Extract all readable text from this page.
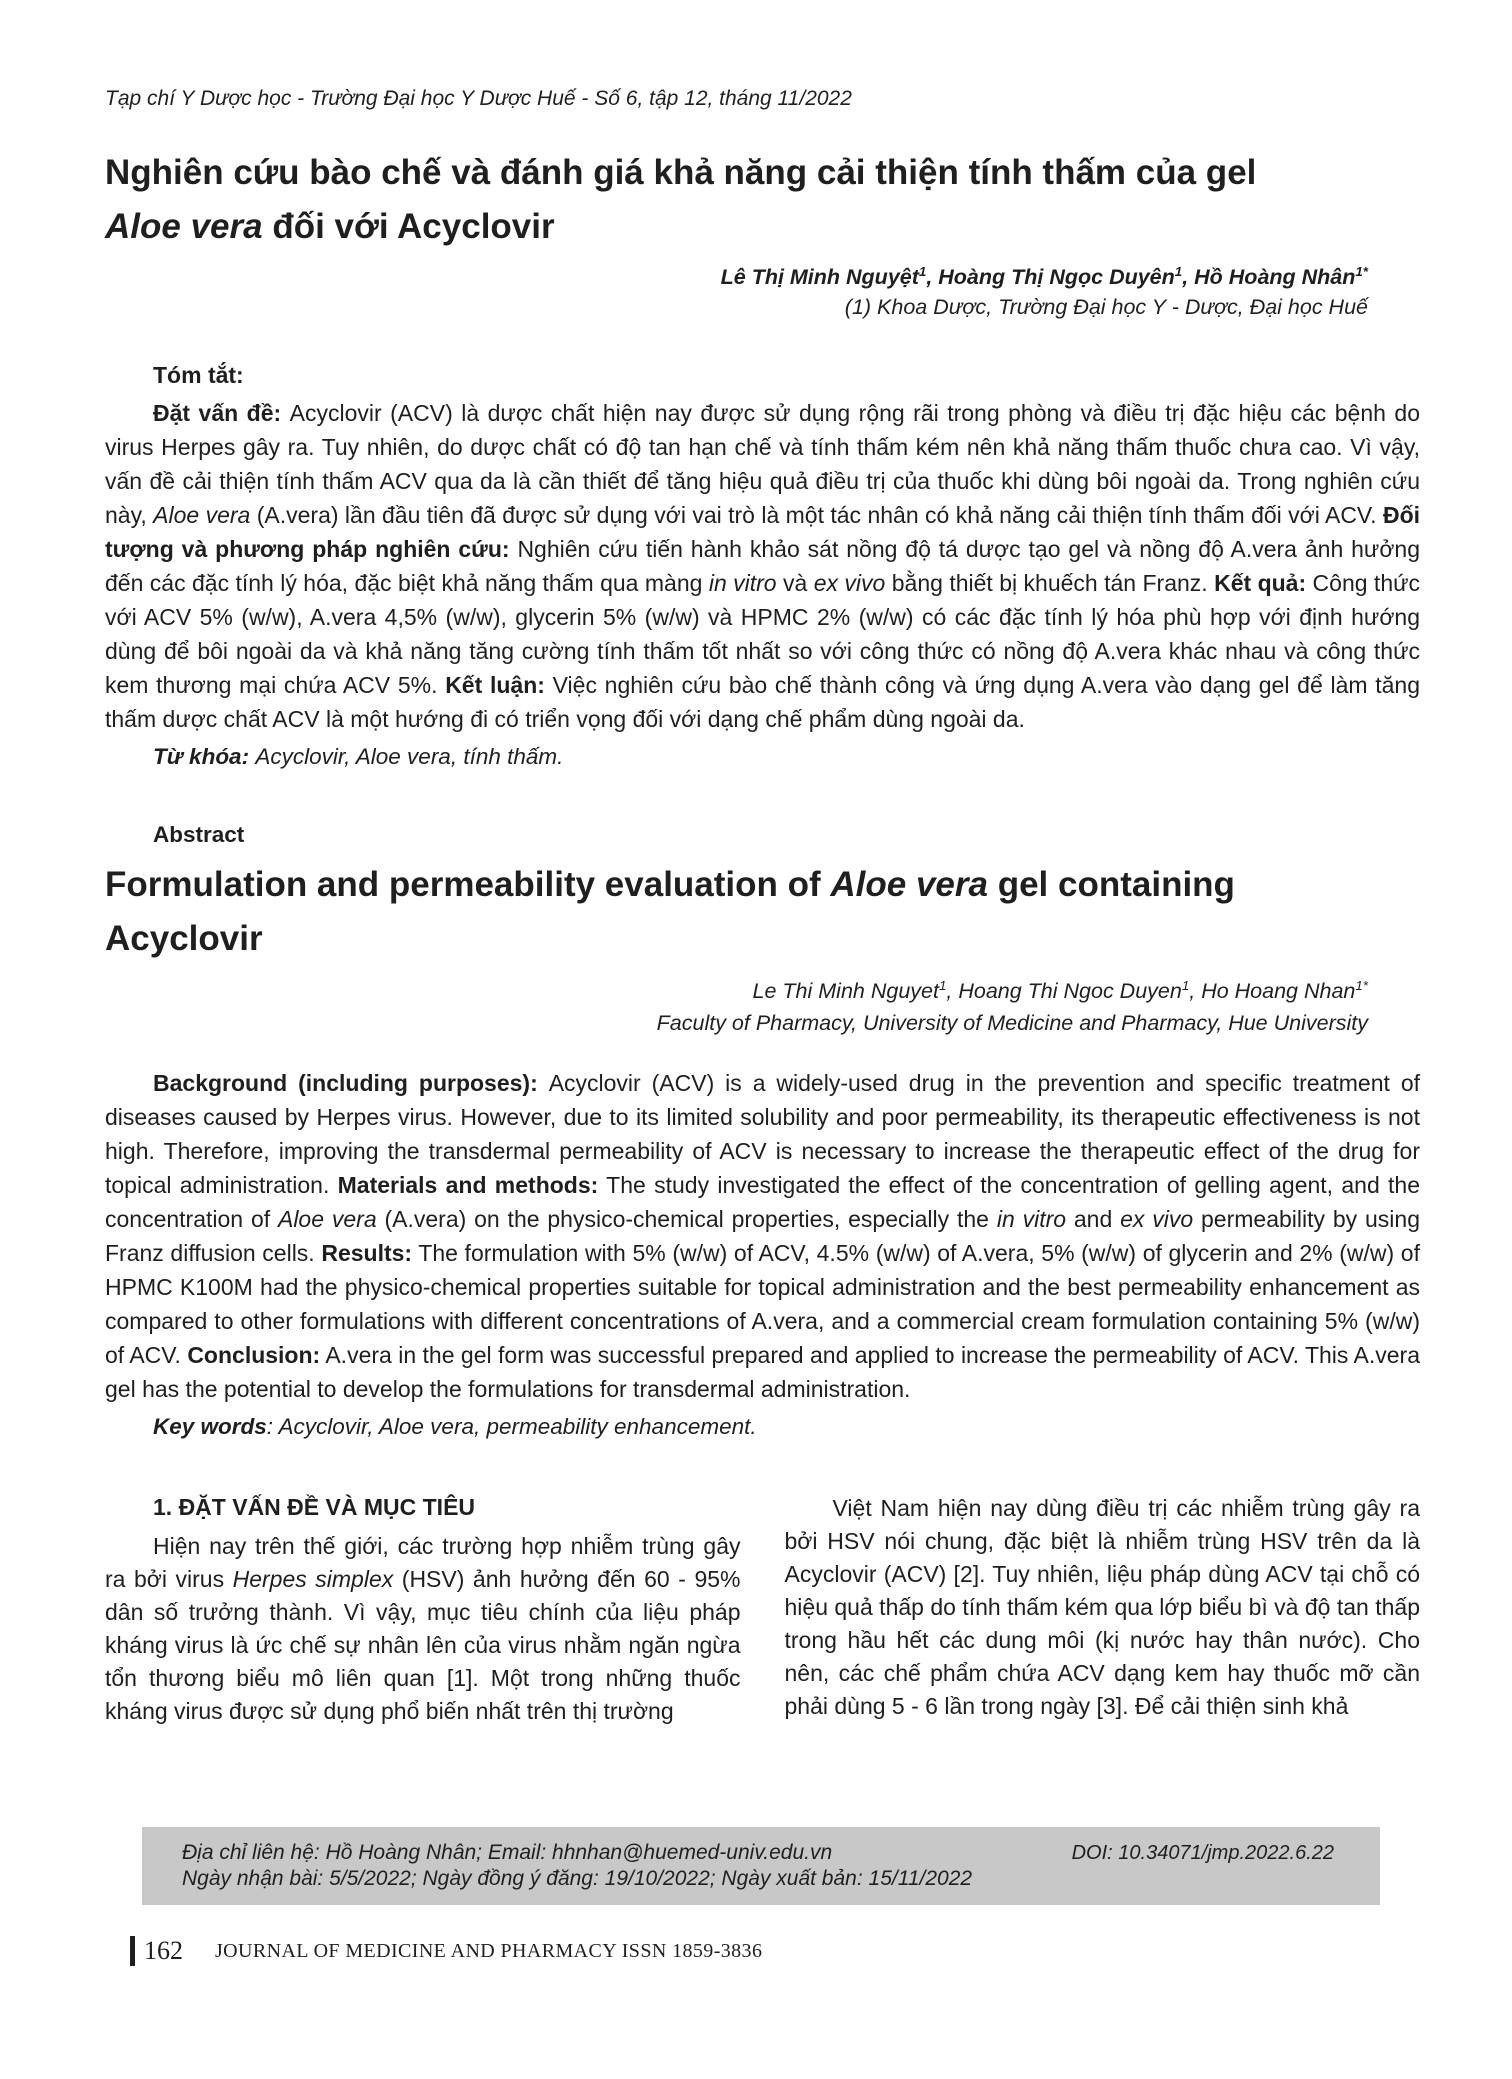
Tạp chí Y Dược học - Trường Đại học Y Dược Huế - Số 6, tập 12, tháng 11/2022
Nghiên cứu bào chế và đánh giá khả năng cải thiện tính thấm của gel
Aloe vera đối với Acyclovir
Lê Thị Minh Nguyệt$^1$, Hoàng Thị Ngọc Duyên$^1$, Hồ Hoàng Nhân$^{1*}$
(1) Khoa Dược, Trường Đại học Y - Dược, Đại học Huế
Tóm tắt:

Đặt vấn đề: Acyclovir (ACV) là dược chất hiện nay được sử dụng rộng rãi trong phòng và điều trị đặc hiệu các bệnh do virus Herpes gây ra. Tuy nhiên, do dược chất có độ tan hạn chế và tính thấm kém nên khả năng thấm thuốc chưa cao. Vì vậy, vấn đề cải thiện tính thấm ACV qua da là cần thiết để tăng hiệu quả điều trị của thuốc khi dùng bôi ngoài da. Trong nghiên cứu này, Aloe vera (A.vera) lần đầu tiên đã được sử dụng với vai trò là một tác nhân có khả năng cải thiện tính thấm đối với ACV. Đối tượng và phương pháp nghiên cứu: Nghiên cứu tiến hành khảo sát nồng độ tá dược tạo gel và nồng độ A.vera ảnh hưởng đến các đặc tính lý hóa, đặc biệt khả năng thấm qua màng in vitro và ex vivo bằng thiết bị khuếch tán Franz. Kết quả: Công thức với ACV 5% (w/w), A.vera 4,5% (w/w), glycerin 5% (w/w) và HPMC 2% (w/w) có các đặc tính lý hóa phù hợp với định hướng dùng để bôi ngoài da và khả năng tăng cường tính thấm tốt nhất so với công thức có nồng độ A.vera khác nhau và công thức kem thương mại chứa ACV 5%. Kết luận: Việc nghiên cứu bào chế thành công và ứng dụng A.vera vào dạng gel để làm tăng thấm dược chất ACV là một hướng đi có triển vọng đối với dạng chế phẩm dùng ngoài da.

Từ khóa: Acyclovir, Aloe vera, tính thấm.

Abstract
Formulation and permeability evaluation of Aloe vera gel containing
Acyclovir
Le Thi Minh Nguyet$^1$, Hoang Thi Ngoc Duyen$^1$, Ho Hoang Nhan$^{1*}$
Faculty of Pharmacy, University of Medicine and Pharmacy, Hue University

Background (including purposes): Acyclovir (ACV) is a widely-used drug in the prevention and specific treatment of diseases caused by Herpes virus. However, due to its limited solubility and poor permeability, its therapeutic effectiveness is not high. Therefore, improving the transdermal permeability of ACV is necessary to increase the therapeutic effect of the drug for topical administration. Materials and methods: The study investigated the effect of the concentration of gelling agent, and the concentration of Aloe vera (A.vera) on the physico-chemical properties, especially the in vitro and ex vivo permeability by using Franz diffusion cells. Results: The formulation with 5% (w/w) of ACV, 4.5% (w/w) of A.vera, 5% (w/w) of glycerin and 2% (w/w) of HPMC K100M had the physico-chemical properties suitable for topical administration and the best permeability enhancement as compared to other formulations with different concentrations of A.vera, and a commercial cream formulation containing 5% (w/w) of ACV. Conclusion: A.vera in the gel form was successful prepared and applied to increase the permeability of ACV. This A.vera gel has the potential to develop the formulations for transdermal administration.

Key words: Acyclovir, Aloe vera, permeability enhancement.

1. ĐẶT VẤN ĐỀ VÀ MỤC TIÊU

Hiện nay trên thế giới, các trường hợp nhiễm trùng gây ra bởi virus Herpes simplex (HSV) ảnh hưởng đến 60 - 95% dân số trưởng thành. Vì vậy, mục tiêu chính của liệu pháp kháng virus là ức chế sự nhân lên của virus nhằm ngăn ngừa tổn thương biểu mô liên quan [1]. Một trong những thuốc kháng virus được sử dụng phổ biến nhất trên thị trường

Việt Nam hiện nay dùng điều trị các nhiễm trùng gây ra bởi HSV nói chung, đặc biệt là nhiễm trùng HSV trên da là Acyclovir (ACV) [2]. Tuy nhiên, liệu pháp dùng ACV tại chỗ có hiệu quả thấp do tính thấm kém qua lớp biểu bì và độ tan thấp trong hầu hết các dung môi (kị nước hay thân nước). Cho nên, các chế phẩm chứa ACV dạng kem hay thuốc mỡ cần phải dùng 5 - 6 lần trong ngày [3]. Để cải thiện sinh khả

Địa chỉ liên hệ: Hồ Hoàng Nhân; Email: hhnhan@huemed-univ.edu.vn	DOI: 10.34071/jmp.2022.6.22
Ngày nhận bài: 5/5/2022; Ngày đồng ý đăng: 19/10/2022; Ngày xuất bản: 15/11/2022
162 JOURNAL OF MEDICINE AND PHARMACY ISSN 1859-3836
